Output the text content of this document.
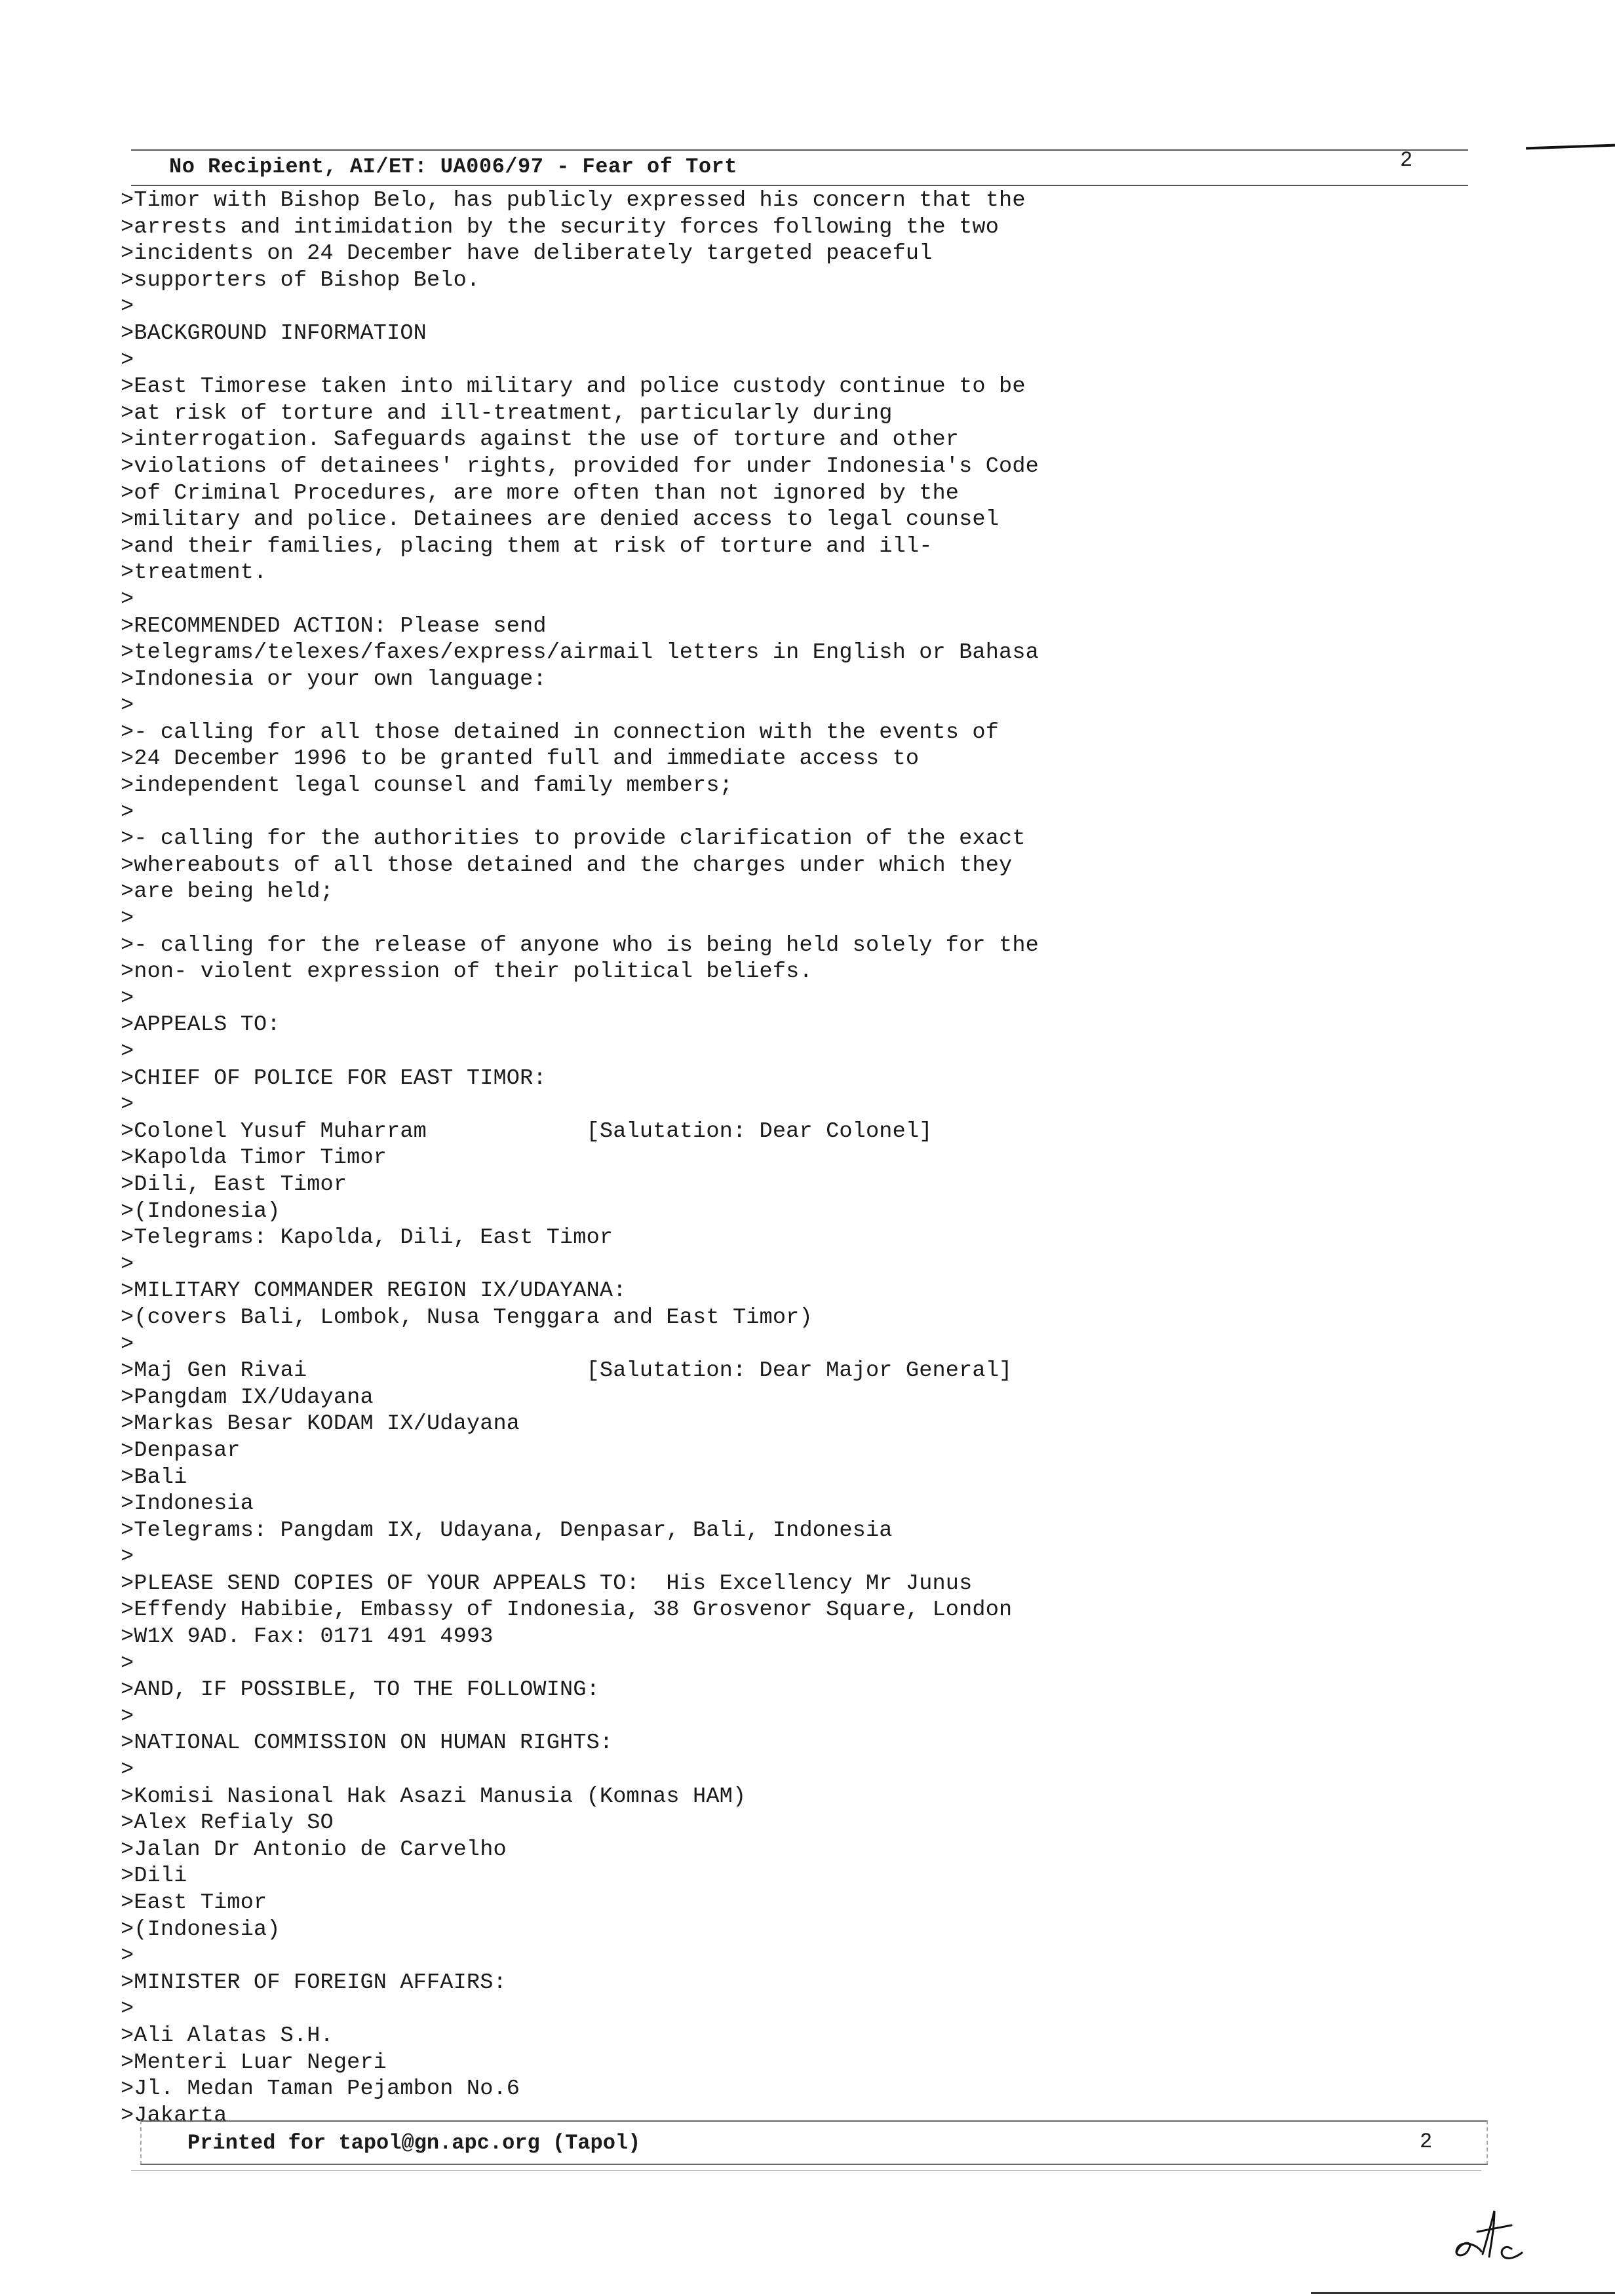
No Recipient, AI/ET: UA006/97 - Fear of Tort	2
>Timor with Bishop Belo, has publicly expressed his concern that the
>arrests and intimidation by the security forces following the two
>incidents on 24 December have deliberately targeted peaceful
>supporters of Bishop Belo.
>
>BACKGROUND INFORMATION
>
>East Timorese taken into military and police custody continue to be
>at risk of torture and ill-treatment, particularly during
>interrogation. Safeguards against the use of torture and other
>violations of detainees' rights, provided for under Indonesia's Code
>of Criminal Procedures, are more often than not ignored by the
>military and police. Detainees are denied access to legal counsel
>and their families, placing them at risk of torture and ill-
>treatment.
>
>RECOMMENDED ACTION: Please send
>telegrams/telexes/faxes/express/airmail letters in English or Bahasa
>Indonesia or your own language:
>
>- calling for all those detained in connection with the events of
>24 December 1996 to be granted full and immediate access to
>independent legal counsel and family members;
>
>- calling for the authorities to provide clarification of the exact
>whereabouts of all those detained and the charges under which they
>are being held;
>
>- calling for the release of anyone who is being held solely for the
>non- violent expression of their political beliefs.
>
>APPEALS TO:
>
>CHIEF OF POLICE FOR EAST TIMOR:
>
>Colonel Yusuf Muharram            [Salutation: Dear Colonel]
>Kapolda Timor Timor
>Dili, East Timor
>(Indonesia)
>Telegrams: Kapolda, Dili, East Timor
>
>MILITARY COMMANDER REGION IX/UDAYANA:
>(covers Bali, Lombok, Nusa Tenggara and East Timor)
>
>Maj Gen Rivai                     [Salutation: Dear Major General]
>Pangdam IX/Udayana
>Markas Besar KODAM IX/Udayana
>Denpasar
>Bali
>Indonesia
>Telegrams: Pangdam IX, Udayana, Denpasar, Bali, Indonesia
>
>PLEASE SEND COPIES OF YOUR APPEALS TO:  His Excellency Mr Junus
>Effendy Habibie, Embassy of Indonesia, 38 Grosvenor Square, London
>W1X 9AD. Fax: 0171 491 4993
>
>AND, IF POSSIBLE, TO THE FOLLOWING:
>
>NATIONAL COMMISSION ON HUMAN RIGHTS:
>
>Komisi Nasional Hak Asazi Manusia (Komnas HAM)
>Alex Refialy SO
>Jalan Dr Antonio de Carvelho
>Dili
>East Timor
>(Indonesia)
>
>MINISTER OF FOREIGN AFFAIRS:
>
>Ali Alatas S.H.
>Menteri Luar Negeri
>Jl. Medan Taman Pejambon No.6
>Jakarta
Printed for tapol@gn.apc.org (Tapol)	2
